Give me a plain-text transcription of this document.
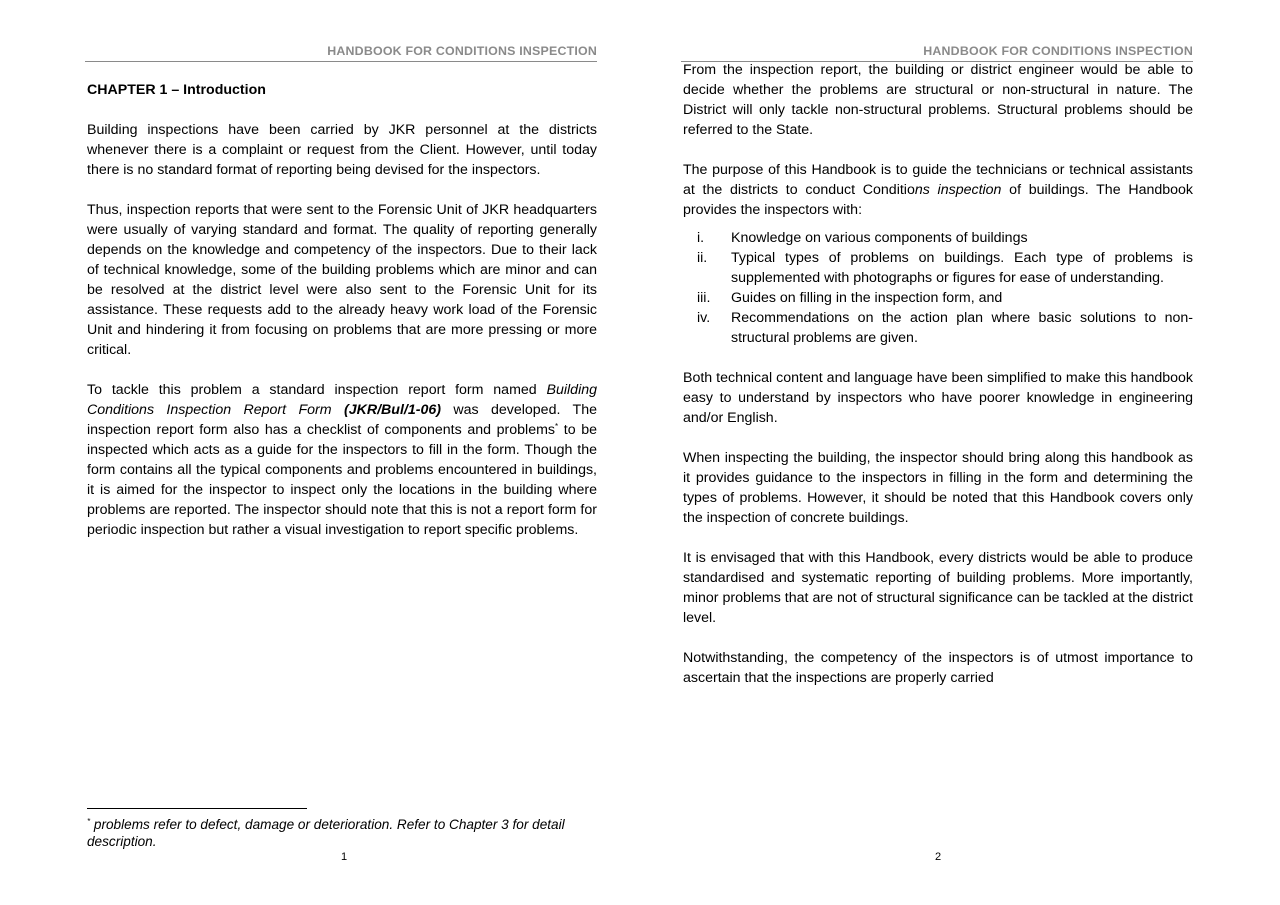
HANDBOOK FOR CONDITIONS INSPECTION
CHAPTER 1 – Introduction

Building inspections have been carried by JKR personnel at the districts whenever there is a complaint or request from the Client. However, until today there is no standard format of reporting being devised for the inspectors.

Thus, inspection reports that were sent to the Forensic Unit of JKR headquarters were usually of varying standard and format. The quality of reporting generally depends on the knowledge and competency of the inspectors. Due to their lack of technical knowledge, some of the building problems which are minor and can be resolved at the district level were also sent to the Forensic Unit for its assistance. These requests add to the already heavy work load of the Forensic Unit and hindering it from focusing on problems that are more pressing or more critical.

To tackle this problem a standard inspection report form named Building Conditions Inspection Report Form (JKR/Bul/1-06) was developed. The inspection report form also has a checklist of components and problems* to be inspected which acts as a guide for the inspectors to fill in the form. Though the form contains all the typical components and problems encountered in buildings, it is aimed for the inspector to inspect only the locations in the building where problems are reported. The inspector should note that this is not a report form for periodic inspection but rather a visual investigation to report specific problems.

* problems refer to defect, damage or deterioration. Refer to Chapter 3 for detail description.
1
HANDBOOK FOR CONDITIONS INSPECTION

From the inspection report, the building or district engineer would be able to decide whether the problems are structural or non-structural in nature. The District will only tackle non-structural problems. Structural problems should be referred to the State.

The purpose of this Handbook is to guide the technicians or technical assistants at the districts to conduct Conditions inspection of buildings. The Handbook provides the inspectors with:

i. Knowledge on various components of buildings
ii. Typical types of problems on buildings. Each type of problems is supplemented with photographs or figures for ease of understanding.
iii. Guides on filling in the inspection form, and
iv. Recommendations on the action plan where basic solutions to non-structural problems are given.

Both technical content and language have been simplified to make this handbook easy to understand by inspectors who have poorer knowledge in engineering and/or English.

When inspecting the building, the inspector should bring along this handbook as it provides guidance to the inspectors in filling in the form and determining the types of problems. However, it should be noted that this Handbook covers only the inspection of concrete buildings.

It is envisaged that with this Handbook, every districts would be able to produce standardised and systematic reporting of building problems. More importantly, minor problems that are not of structural significance can be tackled at the district level.

Notwithstanding, the competency of the inspectors is of utmost importance to ascertain that the inspections are properly carried

2
